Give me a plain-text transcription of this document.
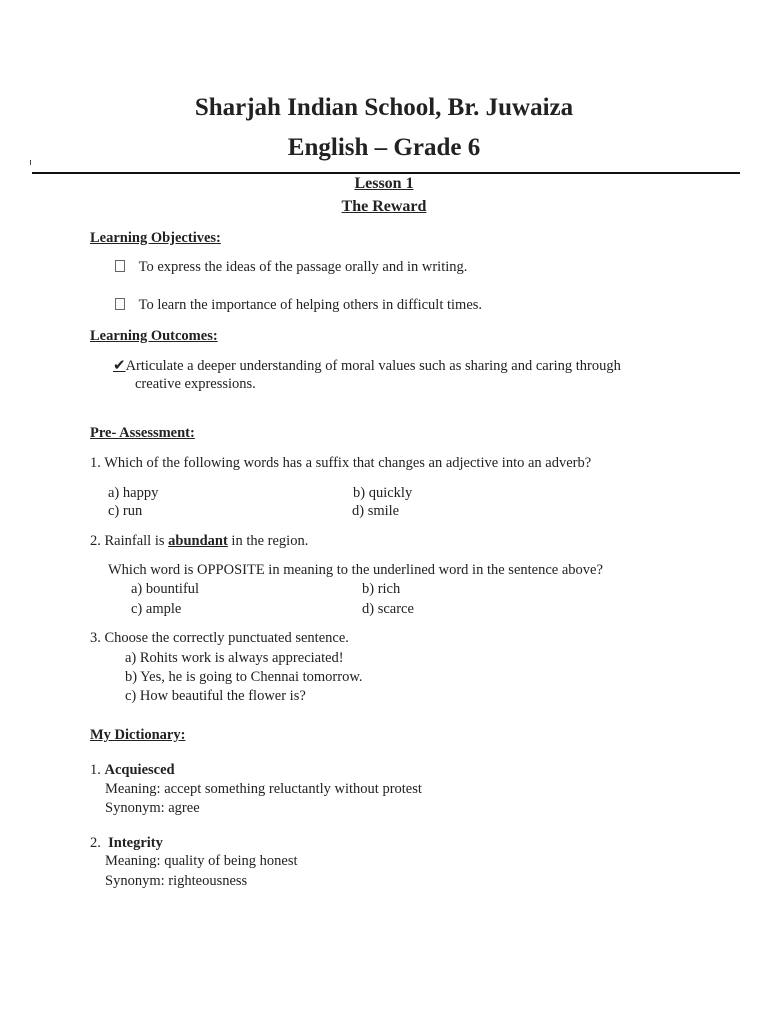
Sharjah Indian School, Br. Juwaiza
English – Grade 6
Lesson 1
The Reward
Learning Objectives:
To express the ideas of the passage orally and in writing.
To learn the importance of helping others in difficult times.
Learning Outcomes:
✔Articulate a deeper understanding of moral values such as sharing and caring through
creative expressions.
Pre- Assessment:
1. Which of the following words has a suffix that changes an adjective into an adverb?
a) happy	b) quickly
c) run	d) smile
2. Rainfall is abundant in the region.
Which word is OPPOSITE in meaning to the underlined word in the sentence above?
a) bountiful	b) rich
c) ample	d) scarce
3. Choose the correctly punctuated sentence.
a) Rohits work is always appreciated!
b) Yes, he is going to Chennai tomorrow.
c) How beautiful the flower is?
My Dictionary:
1. Acquiesced
Meaning: accept something reluctantly without protest
Synonym: agree
2.  Integrity
Meaning: quality of being honest
Synonym: righteousness
